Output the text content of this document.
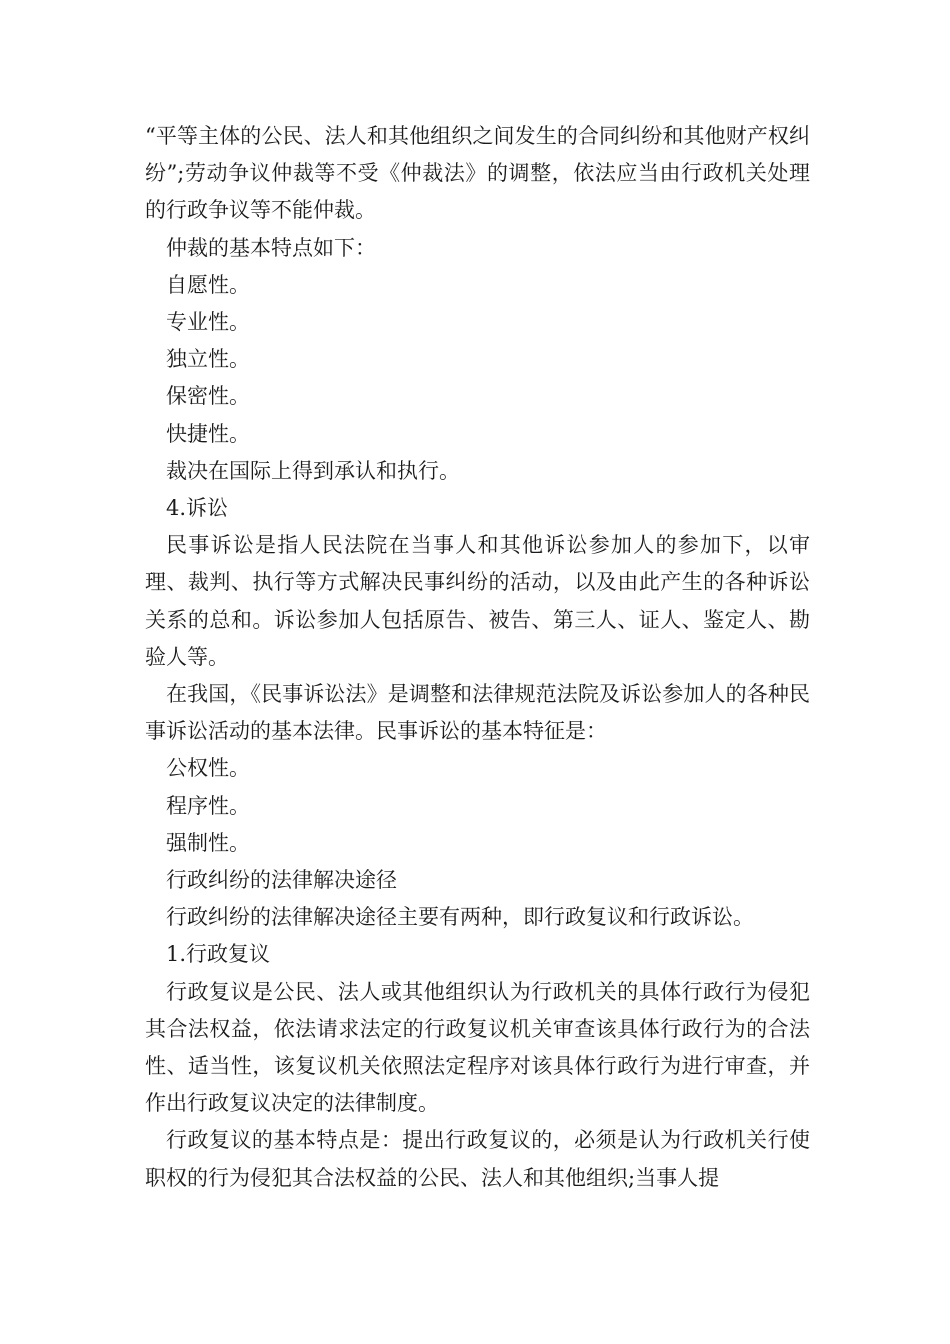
“平等主体的公民、法人和其他组织之间发生的合同纠纷和其他财产权纠纷”;劳动争议仲裁等不受《仲裁法》的调整，依法应当由行政机关处理的行政争议等不能仲裁。

仲裁的基本特点如下：

自愿性。

专业性。

独立性。

保密性。

快捷性。

裁决在国际上得到承认和执行。

4.诉讼

民事诉讼是指人民法院在当事人和其他诉讼参加人的参加下，以审理、裁判、执行等方式解决民事纠纷的活动，以及由此产生的各种诉讼关系的总和。诉讼参加人包括原告、被告、第三人、证人、鉴定人、勘验人等。

在我国，《民事诉讼法》是调整和法律规范法院及诉讼参加人的各种民事诉讼活动的基本法律。民事诉讼的基本特征是：

公权性。

程序性。

强制性。

行政纠纷的法律解决途径

行政纠纷的法律解决途径主要有两种，即行政复议和行政诉讼。

1.行政复议

行政复议是公民、法人或其他组织认为行政机关的具体行政行为侵犯其合法权益，依法请求法定的行政复议机关审查该具体行政行为的合法性、适当性，该复议机关依照法定程序对该具体行政行为进行审查，并作出行政复议决定的法律制度。

行政复议的基本特点是：提出行政复议的，必须是认为行政机关行使职权的行为侵犯其合法权益的公民、法人和其他组织;当事人提
